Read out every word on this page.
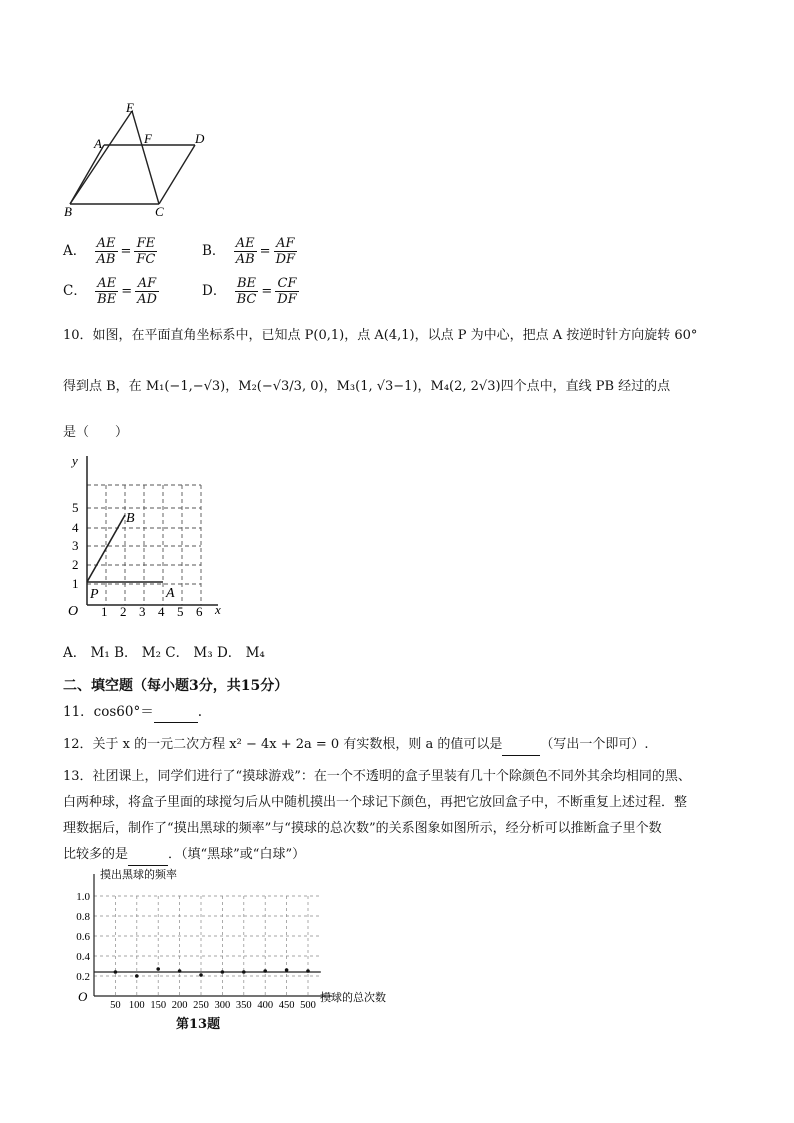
E
A	F	D
B	C
A． $\frac{AE}{AB} = \frac{FE}{FC}$	B． $\frac{AE}{AB} = \frac{AF}{DF}$
C． $\frac{AE}{BE} = \frac{AF}{AD}$	D． $\frac{BE}{BC} = \frac{CF}{DF}$
10．如图，在平面直角坐标系中，已知点 P(0,1)，点 A(4,1)，以点 P 为中心，把点 A 按逆时针方向旋转 60°
得到点 B，在 M₁(−1,−√3)，M₂(−√3/3, 0)，M₃(1, √3−1)，M₄(2, 2√3)四个点中，直线 PB 经过的点
是（　　）
y
x
O
P	A
B
1 2 3 4 5 6
1
2
3
4
5
A． M₁ B． M₂ C． M₃ D． M₄
二、填空题（每小题3分，共15分）
11．cos60°＝	.
12．关于 x 的一元二次方程 x² − 4x + 2a = 0 有实数根，则 a 的值可以是	（写出一个即可）.
13．社团课上，同学们进行了“摸球游戏”：在一个不透明的盒子里装有几十个除颜色不同外其余均相同的黑、
白两种球，将盒子里面的球搅匀后从中随机摸出一个球记下颜色，再把它放回盒子中，不断重复上述过程．整
理数据后，制作了“摸出黑球的频率”与“摸球的总次数”的关系图象如图所示，经分析可以推断盒子里个数
比较多的是	．（填“黑球”或“白球”）
摸出黑球的频率
摸球的总次数
O
50 100 150 200 250 300 350 400 450 500
0.2
0.4
0.6
0.8
1.0
第13题
